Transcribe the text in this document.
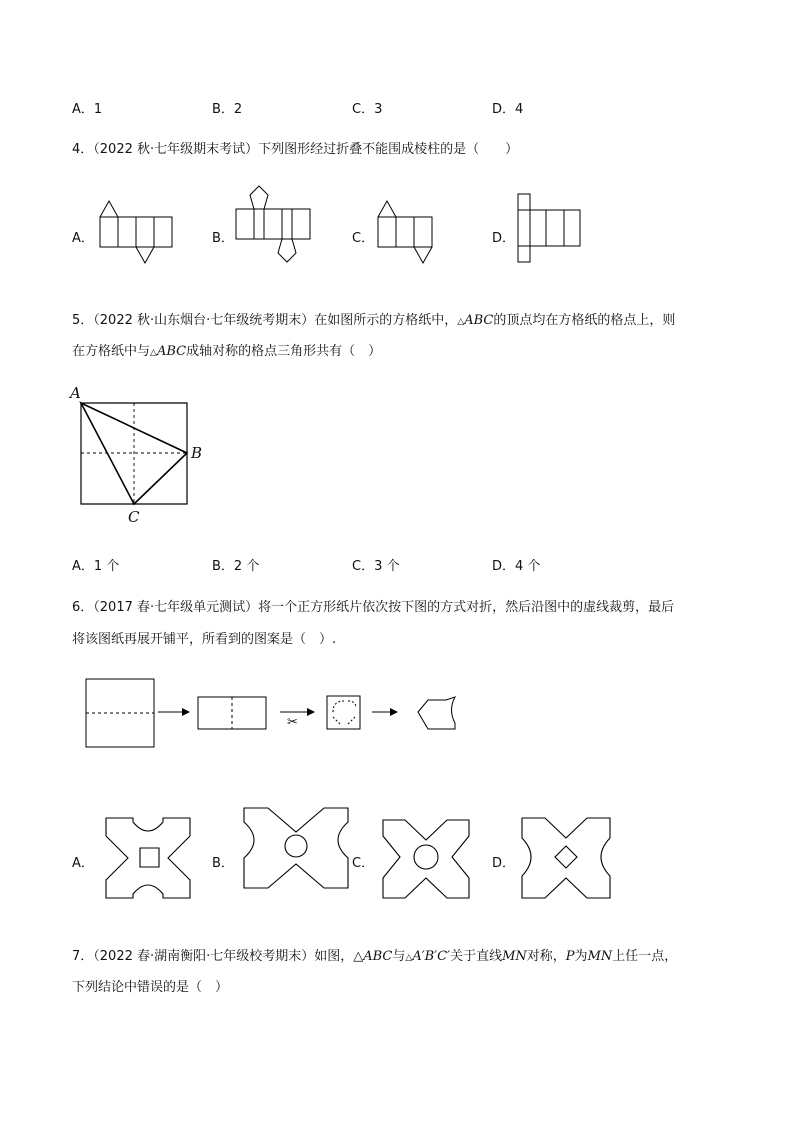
A．1	B．2	C．3	D．4
4．（2022 秋·七年级期末考试）下列图形经过折叠不能围成棱柱的是（　　）
A．	B．	C．	D．
5．（2022 秋·山东烟台·七年级统考期末）在如图所示的方格纸中，△ABC的顶点均在方格纸的格点上，则
在方格纸中与△ABC成轴对称的格点三角形共有（　）
A
B
C
A．1 个	B．2 个	C．3 个	D．4 个
6．（2017 春·七年级单元测试）将一个正方形纸片依次按下图的方式对折，然后沿图中的虚线裁剪，最后
将该图纸再展开铺平，所看到的图案是（　）.
✂
A．	B．	C．	D．
7．（2022 春·湖南衡阳·七年级校考期末）如图，△ABC与△A′B′C′关于直线MN对称，P为MN上任一点，
下列结论中错误的是（　）
